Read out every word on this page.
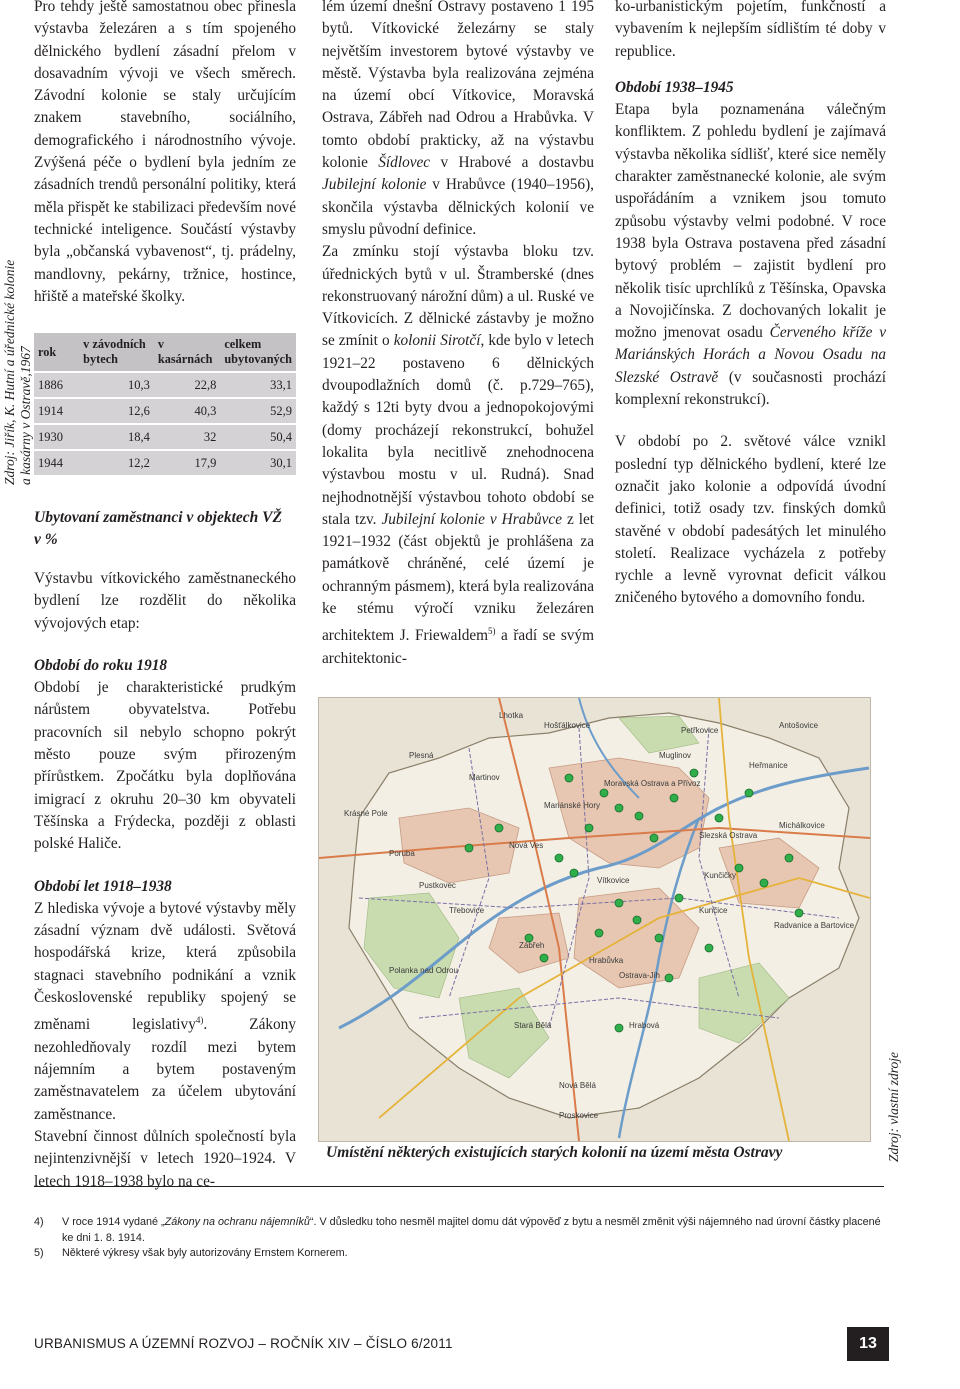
Zdroj: Jiřík, K. Hutní a úřednické kolonie
a kasárny v Ostravě,1967
Zdroj: vlastní zdroje

Pro tehdy ještě samostatnou obec přinesla výstavba železáren a s tím spojeného dělnického bydlení zásadní přelom v dosavadním vývoji ve všech směrech. Závodní kolonie se staly určujícím znakem stavebního, sociálního, demografického i národnostního vývoje. Zvýšená péče o bydlení byla jedním ze zásadních trendů personální politiky, která měla přispět ke stabilizaci především nové technické inteligence. Součástí výstavby byla „občanská vybavenost“, tj. prádelny, mandlovny, pekárny, tržnice, hostince, hřiště a mateřské školky.

rok	v závodních bytech	v kasárnách	celkem ubytovaných
1886	10,3	22,8	33,1
1914	12,6	40,3	52,9
1930	18,4	32	50,4
1944	12,2	17,9	30,1
Ubytovaní zaměstnanci v objektech VŽ v %

Výstavbu vítkovického zaměstnaneckého bydlení lze rozdělit do několika vývojových etap:

Období do roku 1918

Období je charakteristické prudkým nárůstem obyvatelstva. Potřebu pracovních sil nebylo schopno pokrýt město pouze svým přirozeným přírůstkem. Zpočátku byla doplňována imigrací z okruhu 20–30 km obyvateli Těšínska a Frýdecka, později z oblasti polské Haliče.

Období let 1918–1938

Z hlediska vývoje a bytové výstavby měly zásadní význam dvě události. Světová hospodářská krize, která způsobila stagnaci stavebního podnikání a vznik Československé republiky spojený se změnami legislativy$^{4)}$. Zákony nezohledňovaly rozdíl mezi bytem nájemním a bytem postaveným zaměstnavatelem za účelem ubytování zaměstnance.

Stavební činnost důlních společností byla nejintenzivnější v letech 1920–1924. V letech 1918–1938 bylo na ce-

lém území dnešní Ostravy postaveno 1 195 bytů. Vítkovické železárny se staly největším investorem bytové výstavby ve městě. Výstavba byla realizována zejména na území obcí Vítkovice, Moravská Ostrava, Zábřeh nad Odrou a Hrabůvka. V tomto období prakticky, až na výstavbu kolonie Šídlovec v Hrabové a dostavbu Jubilejní kolonie v Hrabůvce (1940–1956), skončila výstavba dělnických kolonií ve smyslu původní definice.

Za zmínku stojí výstavba bloku tzv. úřednických bytů v ul. Štramberské (dnes rekonstruovaný nárožní dům) a ul. Ruské ve Vítkovicích. Z dělnické zástavby je možno se zmínit o kolonii Sirotčí, kde bylo v letech 1921–22 postaveno 6 dělnických dvoupodlažních domů (č. p.729–765), každý s 12ti byty dvou a jednopokojovými (domy procházejí rekonstrukcí, bohužel lokalita byla necitlivě znehodnocena výstavbou mostu v ul. Rudná). Snad nejhodnotnější výstavbou tohoto období se stala tzv. Jubilejní kolonie v Hrabůvce z let 1921–1932 (část objektů je prohlášena za památkově chráněné, celé území je ochranným pásmem), která byla realizována ke stému výročí vzniku železáren architektem J. Friewaldem$^{5)}$ a řadí se svým architektonic-

ko-urbanistickým pojetím, funkčností a vybavením k nejlepším sídlištím té doby v republice.

Období 1938–1945

Etapa byla poznamenána válečným konfliktem. Z pohledu bydlení je zajímavá výstavba několika sídlišť, které sice neměly charakter zaměstnanecké kolonie, ale svým uspořádáním a vznikem jsou tomuto způsobu výstavby velmi podobné. V roce 1938 byla Ostrava postavena před zásadní bytový problém – zajistit bydlení pro několik tisíc uprchlíků z Těšínska, Opavska a Novojičínska. Z dochovaných lokalit je možno jmenovat osadu Červeného kříže v Mariánských Horách a Novou Osadu na Slezské Ostravě (v současnosti prochází komplexní rekonstrukcí).

V období po 2. světové válce vznikl poslední typ dělnického bydlení, které lze označit jako kolonie a odpovídá úvodní definici, totiž osady tzv. finských domků stavěné v období padesátých let minulého století. Realizace vycházela z potřeby rychle a levně vyrovnat deficit válkou zničeného bytového a domovního fondu.

Petřkovice
Antošovice
Krásné Pole
Martinov
Moravská Ostrava a Přívoz
Poruba
Nová Ves
Zábřeh
Vítkovice
Slezská Ostrava
Michálkovice
Radvanice a Bartovice
Mariánské Hory
Kunčičky
Hrabová
Stará Bělá
Nová Bělá
Polanka nad Odrou
Proskovice
Hošťálkovice
Lhotka
Hrabůvka
Ostrava-Jih
Heřmanice
Muglinov
Kunčice
Pustkovec
Třebovice
Plesná
Umístění některých existujících starých kolonií na území města Ostravy
4) V roce 1914 vydané „Zákony na ochranu nájemníků“. V důsledku toho nesměl majitel domu dát výpověď z bytu a nesměl změnit výši nájemného nad úrovní částky placené ke dni 1. 8. 1914.
5) Některé výkresy však byly autorizovány Ernstem Kornerem.
URBANISMUS A ÚZEMNÍ ROZVOJ – ROČNÍK XIV – ČÍSLO 6/2011	13
